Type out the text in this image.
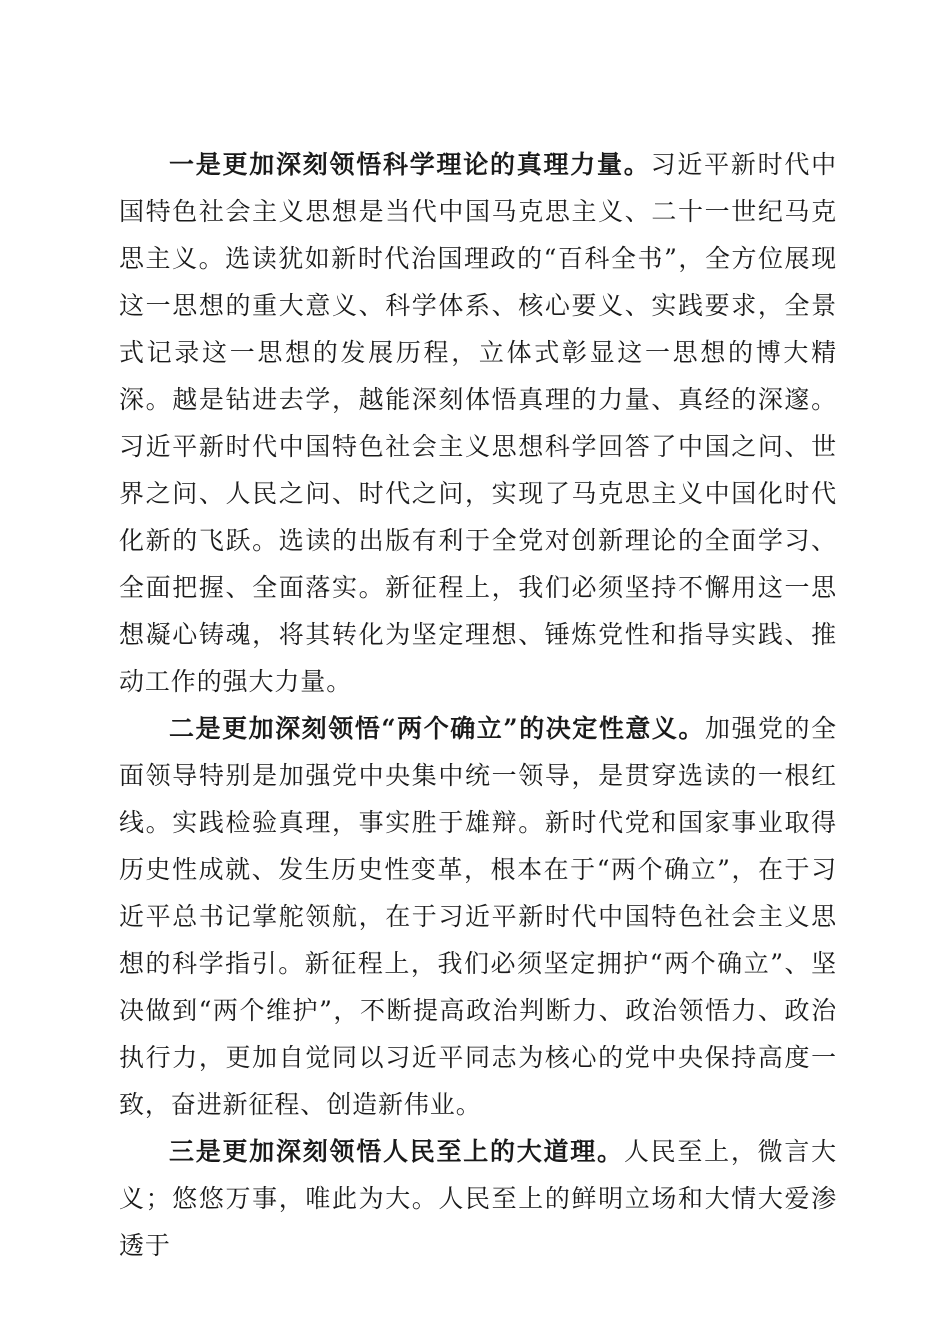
一是更加深刻领悟科学理论的真理力量。习近平新时代中国特色社会主义思想是当代中国马克思主义、二十一世纪马克思主义。选读犹如新时代治国理政的“百科全书”，全方位展现这一思想的重大意义、科学体系、核心要义、实践要求，全景式记录这一思想的发展历程，立体式彰显这一思想的博大精深。越是钻进去学，越能深刻体悟真理的力量、真经的深邃。习近平新时代中国特色社会主义思想科学回答了中国之问、世界之问、人民之问、时代之问，实现了马克思主义中国化时代化新的飞跃。选读的出版有利于全党对创新理论的全面学习、全面把握、全面落实。新征程上，我们必须坚持不懈用这一思想凝心铸魂，将其转化为坚定理想、锤炼党性和指导实践、推动工作的强大力量。

二是更加深刻领悟“两个确立”的决定性意义。加强党的全面领导特别是加强党中央集中统一领导，是贯穿选读的一根红线。实践检验真理，事实胜于雄辩。新时代党和国家事业取得历史性成就、发生历史性变革，根本在于“两个确立”，在于习近平总书记掌舵领航，在于习近平新时代中国特色社会主义思想的科学指引。新征程上，我们必须坚定拥护“两个确立”、坚决做到“两个维护”，不断提高政治判断力、政治领悟力、政治执行力，更加自觉同以习近平同志为核心的党中央保持高度一致，奋进新征程、创造新伟业。

三是更加深刻领悟人民至上的大道理。人民至上，微言大义；悠悠万事，唯此为大。人民至上的鲜明立场和大情大爱渗透于
